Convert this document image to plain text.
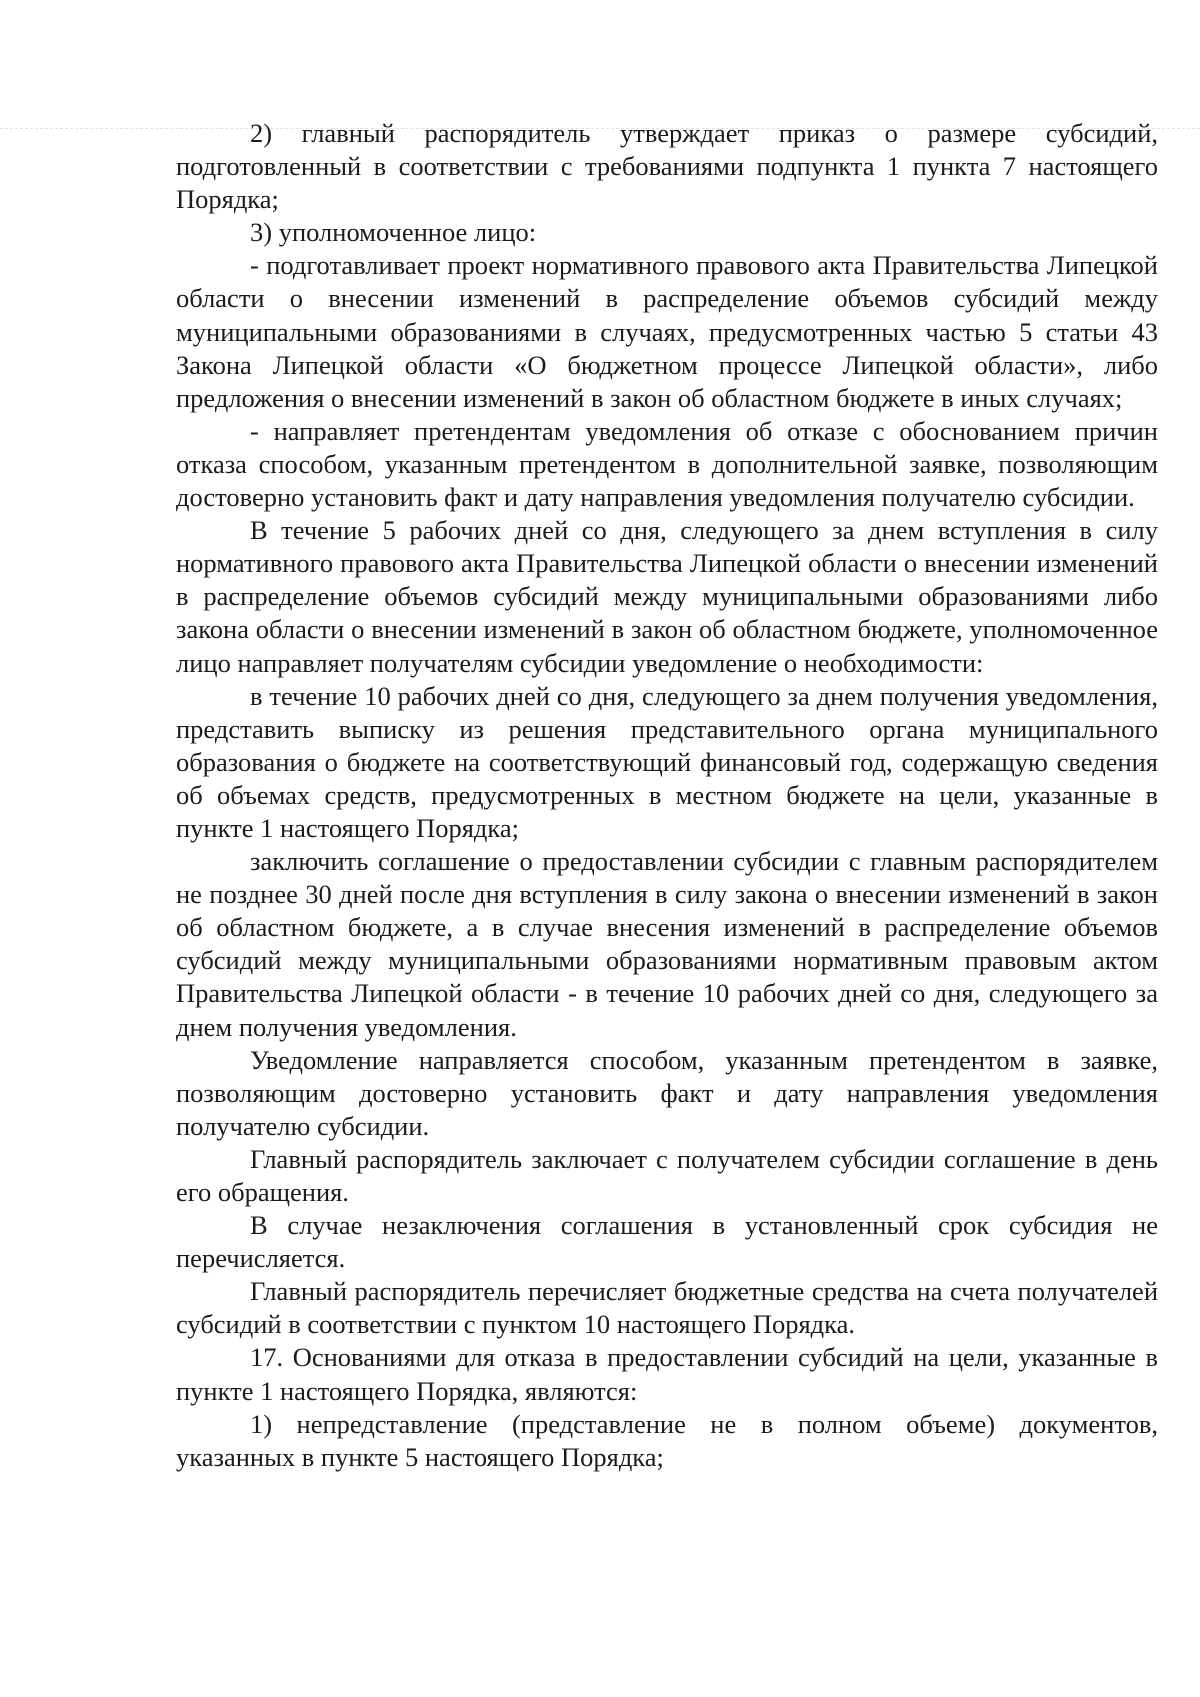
2) главный распорядитель утверждает приказ о размере субсидий, подготовленный в соответствии с требованиями подпункта 1 пункта 7 настоящего Порядка;

3) уполномоченное лицо:

- подготавливает проект нормативного правового акта Правительства Липецкой области о внесении изменений в распределение объемов субсидий между муниципальными образованиями в случаях, предусмотренных частью 5 статьи 43 Закона Липецкой области «О бюджетном процессе Липецкой области», либо предложения о внесении изменений в закон об областном бюджете в иных случаях;

- направляет претендентам уведомления об отказе с обоснованием причин отказа способом, указанным претендентом в дополнительной заявке, позволяющим достоверно установить факт и дату направления уведомления получателю субсидии.

В течение 5 рабочих дней со дня, следующего за днем вступления в силу нормативного правового акта Правительства Липецкой области о внесении изменений в распределение объемов субсидий между муниципальными образованиями либо закона области о внесении изменений в закон об областном бюджете, уполномоченное лицо направляет получателям субсидии уведомление о необходимости:

в течение 10 рабочих дней со дня, следующего за днем получения уведомления, представить выписку из решения представительного органа муниципального образования о бюджете на соответствующий финансовый год, содержащую сведения об объемах средств, предусмотренных в местном бюджете на цели, указанные в пункте 1 настоящего Порядка;

заключить соглашение о предоставлении субсидии с главным распорядителем не позднее 30 дней после дня вступления в силу закона о внесении изменений в закон об областном бюджете, а в случае внесения изменений в распределение объемов субсидий между муниципальными образованиями нормативным правовым актом Правительства Липецкой области - в течение 10 рабочих дней со дня, следующего за днем получения уведомления.

Уведомление направляется способом, указанным претендентом в заявке, позволяющим достоверно установить факт и дату направления уведомления получателю субсидии.

Главный распорядитель заключает с получателем субсидии соглашение в день его обращения.

В случае незаключения соглашения в установленный срок субсидия не перечисляется.

Главный распорядитель перечисляет бюджетные средства на счета получателей субсидий в соответствии с пунктом 10 настоящего Порядка.

17. Основаниями для отказа в предоставлении субсидий на цели, указанные в пункте 1 настоящего Порядка, являются:

1) непредставление (представление не в полном объеме) документов, указанных в пункте 5 настоящего Порядка;
